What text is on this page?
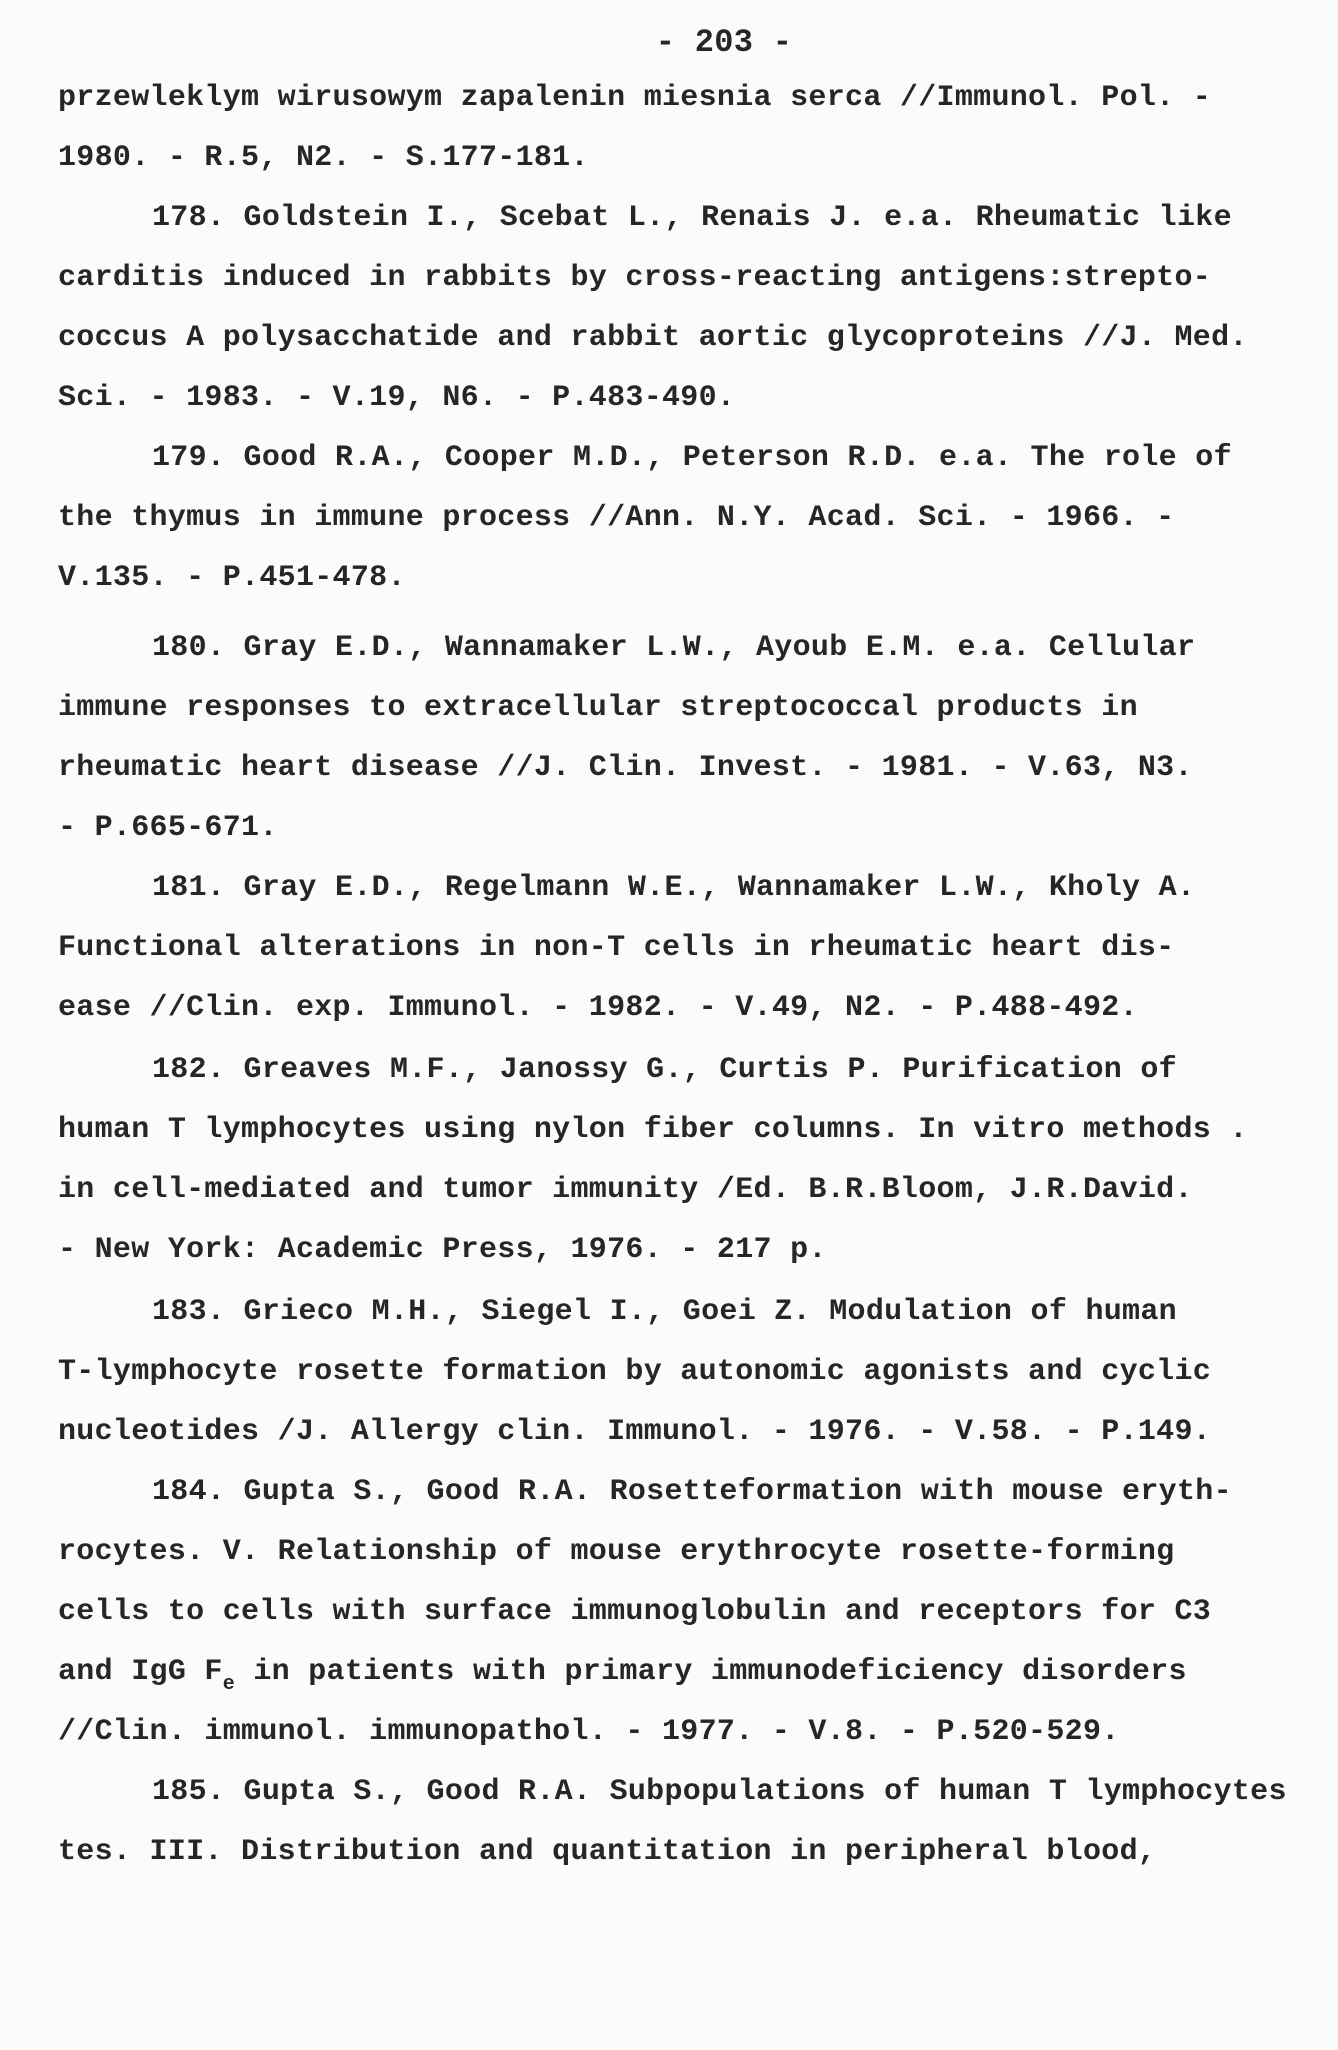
- 203 -
przewleklym wirusowym zapalenin miesnia serca //Immunol. Pol. -
1980. - R.5, N2. - S.177-181.
178. Goldstein I., Scebat L., Renais J. e.a. Rheumatic like
carditis induced in rabbits by cross-reacting antigens:strepto-
coccus A polysacchatide and rabbit aortic glycoproteins //J. Med.
Sci. - 1983. - V.19, N6. - P.483-490.
179. Good R.A., Cooper M.D., Peterson R.D. e.a. The role of
the thymus in immune process //Ann. N.Y. Acad. Sci. - 1966. -
V.135. - P.451-478.
180. Gray E.D., Wannamaker L.W., Ayoub E.M. e.a. Cellular
immune responses to extracellular streptococcal products in
rheumatic heart disease //J. Clin. Invest. - 1981. - V.63, N3.
- P.665-671.
181. Gray E.D., Regelmann W.E., Wannamaker L.W., Kholy A.
Functional alterations in non-T cells in rheumatic heart dis-
ease //Clin. exp. Immunol. - 1982. - V.49, N2. - P.488-492.
182. Greaves M.F., Janossy G., Curtis P. Purification of
human T lymphocytes using nylon fiber columns. In vitro methods .
in cell-mediated and tumor immunity /Ed. B.R.Bloom, J.R.David.
- New York: Academic Press, 1976. - 217 p.
183. Grieco M.H., Siegel I., Goei Z. Modulation of human
T-lymphocyte rosette formation by autonomic agonists and cyclic
nucleotides /J. Allergy clin. Immunol. - 1976. - V.58. - P.149.
184. Gupta S., Good R.A. Rosetteformation with mouse eryth-
rocytes. V. Relationship of mouse erythrocyte rosette-forming
cells to cells with surface immunoglobulin and receptors for C3
and IgG $F_e$ in patients with primary immunodeficiency disorders
//Clin. immunol. immunopathol. - 1977. - V.8. - P.520-529.
185. Gupta S., Good R.A. Subpopulations of human T lymphocytes
tes. III. Distribution and quantitation in peripheral blood,
